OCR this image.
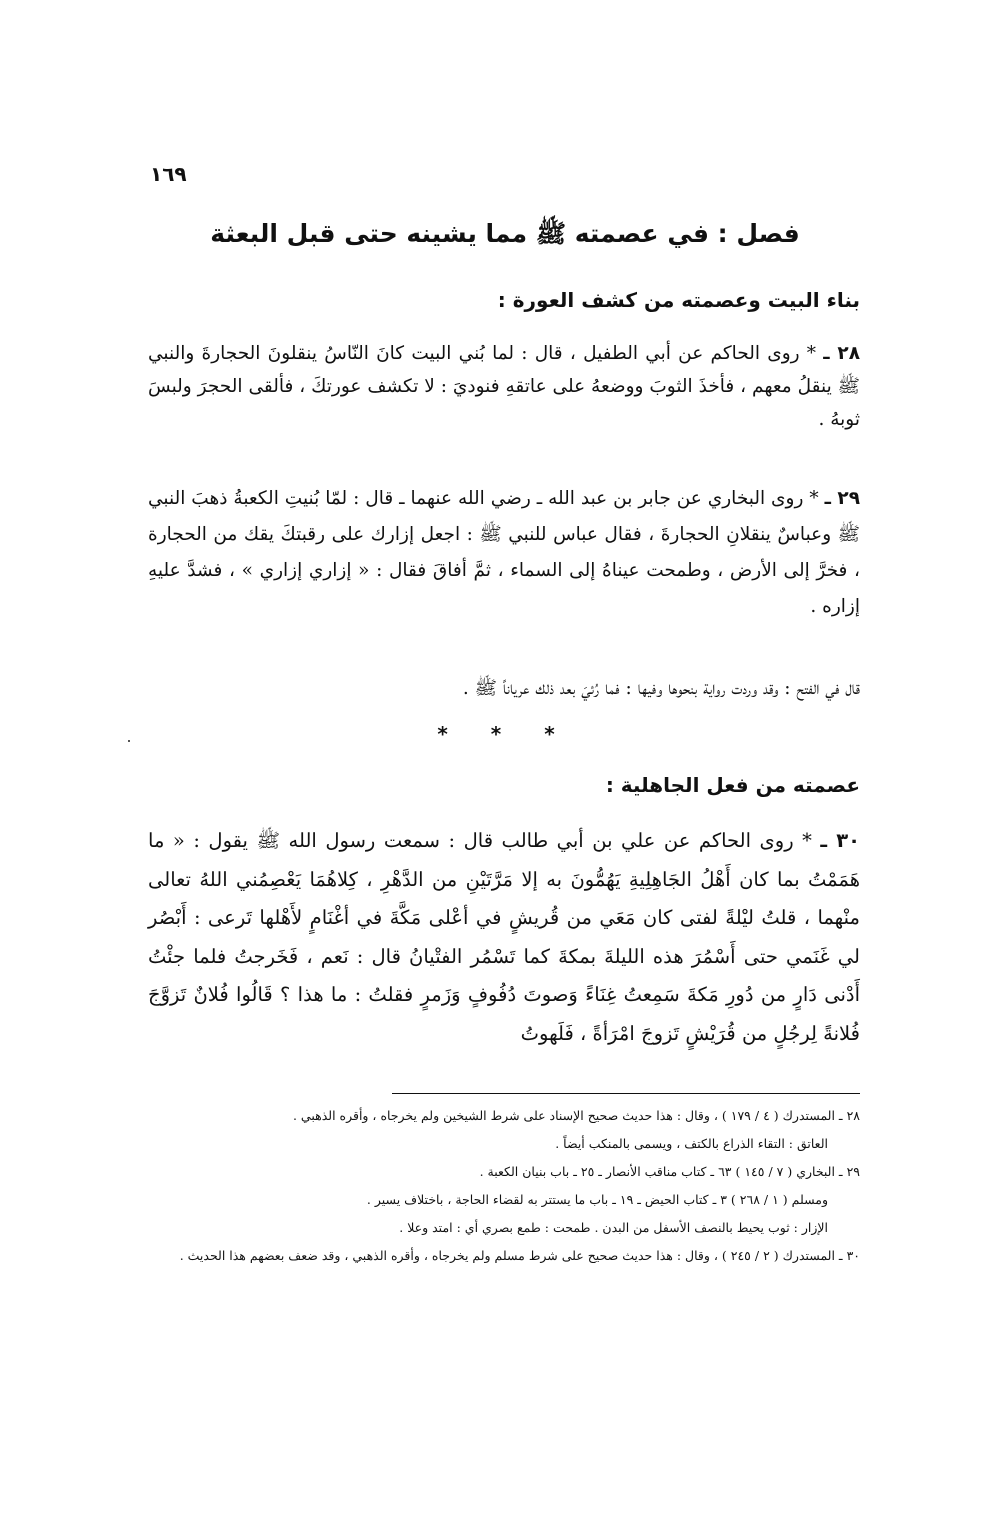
١٦٩
فصل : في عصمته ﷺ مما يشينه حتى قبل البعثة
بناء البيت وعصمته من كشف العورة :

٢٨ ـ * روى الحاكم عن أبي الطفيل ، قال : لما بُني البيت كانَ النّاسُ ينقلونَ الحجارةَ والنبي ﷺ ينقلُ معهم ، فأخذَ الثوبَ ووضعهُ على عاتقهِ فنوديَ : لا تكشف عورتكَ ، فألقى الحجرَ ولبسَ ثوبهُ .

٢٩ ـ * روى البخاري عن جابر بن عبد الله ـ رضي الله عنهما ـ قال : لمّا بُنيتِ الكعبةُ ذهبَ النبي ﷺ وعباسٌ ينقلانِ الحجارةَ ، فقال عباس للنبي ﷺ : اجعل إزارك على رقبتكَ يقك من الحجارة ، فخرَّ إلى الأرض ، وطمحت عيناهُ إلى السماء ، ثمَّ أفاقَ فقال : « إزاري إزاري » ، فشدَّ عليهِ إزاره .

قال في الفتح : وقد وردت رواية بنحوها وفيها : فما رُئيَ بعد ذلك عرياناً ﷺ .
* * *
عصمته من فعل الجاهلية :

٣٠ ـ * روى الحاكم عن علي بن أبي طالب قال : سمعت رسول الله ﷺ يقول : « ما هَمَمْتُ بما كان أَهْلُ الجَاهِلِيةِ يَهُمُّونَ به إلا مَرَّتَيْنِ من الدَّهْرِ ، كِلاهُمَا يَعْصِمُني اللهُ تعالى منْهما ، قلتُ ليْلةً لفتى كان مَعَي من قُريشٍ في أعْلى مَكَّةَ في أغْنَامٍ لأَهْلها تَرعى : أَبْصُر لي غَنَمي حتى أَسْمُرَ هذه الليلةَ بمكةَ كما تَسْمُر الفتْيانُ قال : نَعم ، فَخَرجتُ فلما جئْتُ أَدْنى دَارٍ من دُورِ مَكةَ سَمِعتُ غِنَاءً وَصوتَ دُفُوفٍ وَزَمرٍ فقلتُ : ما هذا ؟ قَالُوا فُلانٌ تَزوَّجَ فُلانةً لِرجُلٍ من قُرَيْشٍ تَزوجَ امْرَأةً ، فَلَهوتُ

٢٨ ـ المستدرك ( ٤ / ١٧٩ ) ، وقال : هذا حديث صحيح الإسناد على شرط الشيخين ولم يخرجاه ، وأقره الذهبي .

العاتق : التقاء الذراع بالكتف ، ويسمى بالمنكب أيضاً .

٢٩ ـ البخاري ( ٧ / ١٤٥ ) ٦٣ ـ كتاب مناقب الأنصار ـ ٢٥ ـ باب بنيان الكعبة .

ومسلم ( ١ / ٢٦٨ ) ٣ ـ كتاب الحيض ـ ١٩ ـ باب ما يستتر به لقضاء الحاجة ، باختلاف يسير .

الإزار : ثوب يحيط بالنصف الأسفل من البدن . طمحت : طمع بصري أي : امتد وعلا .

٣٠ ـ المستدرك ( ٢ / ٢٤٥ ) ، وقال : هذا حديث صحيح على شرط مسلم ولم يخرجاه ، وأقره الذهبي ، وقد ضعف بعضهم هذا الحديث .
